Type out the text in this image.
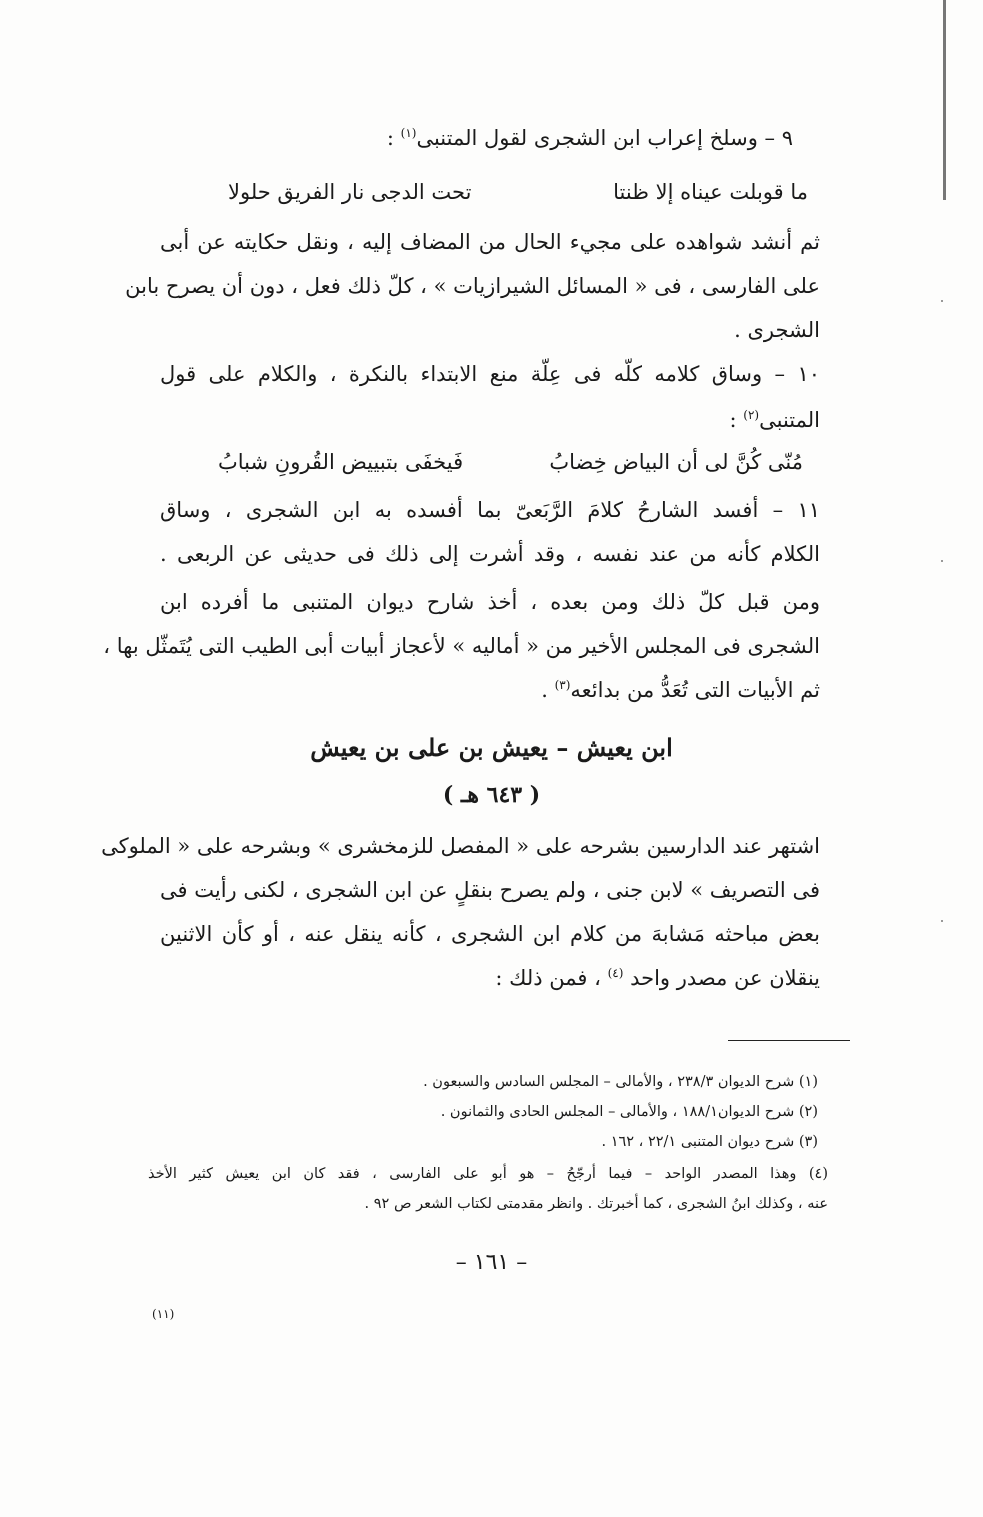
٩ – وسلخ إعراب ابن الشجرى لقول المتنبى$^{(١)}$ :
ما قوبلت عيناه إلا ظنتا
تحت الدجى نار الفريق حلولا
ثم أنشد شواهده على مجيء الحال من المضاف إليه ، ونقل حكايته عن أبى
على الفارسى ، فى « المسائل الشيرازيات » ، كلّ ذلك فعل ، دون أن يصرح بابن
الشجرى .
١٠ – وساق كلامه كلّه فى عِلّة منع الابتداء بالنكرة ، والكلام على قول
المتنبى$^{(٢)}$ :
مُنّى كُنَّ لى أن البياض خِضابُ
فَيخفَى بتبييض القُرونِ شبابُ
١١ – أفسد الشارحُ كلامَ الرَّبَعىّ بما أفسده به ابن الشجرى ، وساق
الكلام كأنه من عند نفسه ، وقد أشرت إلى ذلك فى حديثى عن الربعى .
ومن قبل كلّ ذلك ومن بعده ، أخذ شارح ديوان المتنبى ما أفرده ابن
الشجرى فى المجلس الأخير من « أماليه » لأعجاز أبيات أبى الطيب التى يُتَمثّل بها ،
ثم الأبيات التى تُعَدُّ من بدائعه$^{(٣)}$ .
ابن يعيش – يعيش بن على بن يعيش
( ٦٤٣ هـ )
اشتهر عند الدارسين بشرحه على « المفصل للزمخشرى » وبشرحه على « الملوكى
فى التصريف » لابن جنى ، ولم يصرح بنقلٍ عن ابن الشجرى ، لكنى رأيت فى
بعض مباحثه مَشابهَ من كلام ابن الشجرى ، كأنه ينقل عنه ، أو كأن الاثنين
ينقلان عن مصدر واحد $^{(٤)}$ ، فمن ذلك :
(١) شرح الديوان ٢٣٨/٣ ، والأمالى – المجلس السادس والسبعون .
(٢) شرح الديوان١٨٨/١ ، والأمالى – المجلس الحادى والثمانون .
(٣) شرح ديوان المتنبى ٢٢/١ ، ١٦٢ .
(٤) وهذا المصدر الواحد – فيما أرجّحُ – هو أبو على الفارسى ، فقد كان ابن يعيش كثير الأخذ
عنه ، وكذلك ابنُ الشجرى ، كما أخبرتك . وانظر مقدمتى لكتاب الشعر ص ٩٢ .
– ١٦١ –
(١١)
